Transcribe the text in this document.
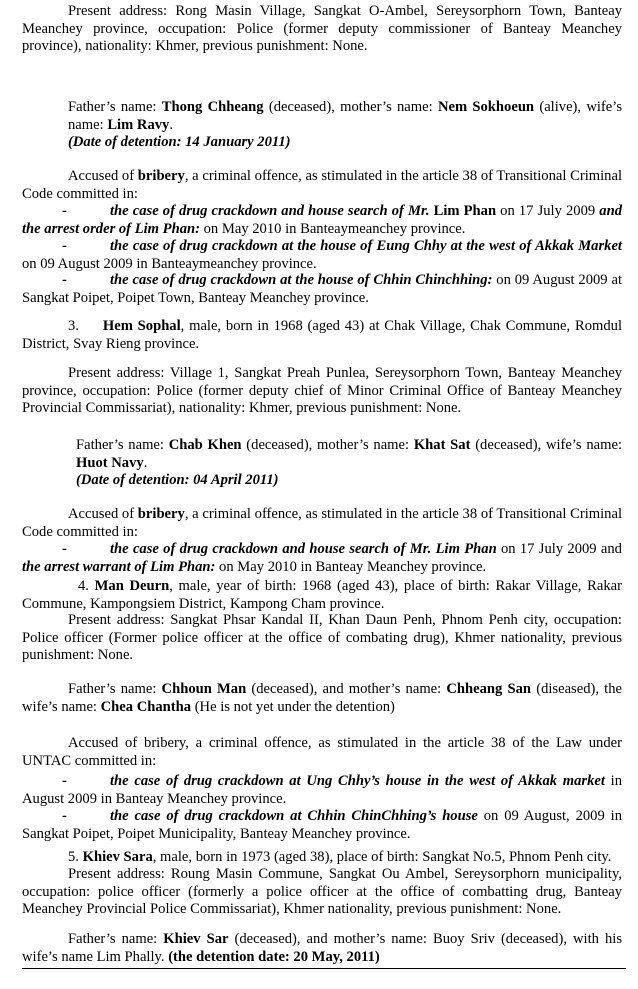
Present address: Rong Masin Village, Sangkat O-Ambel, Sereysorphorn Town, Banteay Meanchey province, occupation: Police (former deputy commissioner of Banteay Meanchey province), nationality: Khmer, previous punishment: None.

Father’s name: Thong Chheang (deceased), mother’s name: Nem Sokhoeun (alive), wife’s name: Lim Ravy.

(Date of detention: 14 January 2011)

Accused of bribery, a criminal offence, as stimulated in the article 38 of Transitional Criminal Code committed in:

-	the case of drug crackdown and house search of Mr. Lim Phan on 17 July 2009 and the arrest order of Lim Phan: on May 2010 in Banteaymeanchey province.

-	the case of drug crackdown at the house of Eung Chhy at the west of Akkak Market on 09 August 2009 in Banteaymeanchey province.

-	the case of drug crackdown at the house of Chhin Chinchhing: on 09 August 2009 at Sangkat Poipet, Poipet Town, Banteay Meanchey province.

3. Hem Sophal, male, born in 1968 (aged 43) at Chak Village, Chak Commune, Romdul District, Svay Rieng province.

Present address: Village 1, Sangkat Preah Punlea, Sereysorphorn Town, Banteay Meanchey province, occupation: Police (former deputy chief of Minor Criminal Office of Banteay Meanchey Provincial Commissariat), nationality: Khmer, previous punishment: None.

Father’s name: Chab Khen (deceased), mother’s name: Khat Sat (deceased), wife’s name: Huot Navy.

(Date of detention: 04 April 2011)

Accused of bribery, a criminal offence, as stimulated in the article 38 of Transitional Criminal Code committed in:

-	the case of drug crackdown and house search of Mr. Lim Phan on 17 July 2009 and the arrest warrant of Lim Phan: on May 2010 in Banteay Meanchey province.

4. Man Deurn, male, year of birth: 1968 (aged 43), place of birth: Rakar Village, Rakar Commune, Kampongsiem District, Kampong Cham province.

Present address: Sangkat Phsar Kandal II, Khan Daun Penh, Phnom Penh city, occupation: Police officer (Former police officer at the office of combating drug), Khmer nationality, previous punishment: None.

Father’s name: Chhoun Man (deceased), and mother’s name: Chheang San (diseased), the wife’s name: Chea Chantha (He is not yet under the detention)

Accused of bribery, a criminal offence, as stimulated in the article 38 of the Law under UNTAC committed in:

-	the case of drug crackdown at Ung Chhy’s house in the west of Akkak market in August 2009 in Banteay Meanchey province.

-	the case of drug crackdown at Chhin ChinChhing’s house on 09 August, 2009 in Sangkat Poipet, Poipet Municipality, Banteay Meanchey province.

5. Khiev Sara, male, born in 1973 (aged 38), place of birth: Sangkat No.5, Phnom Penh city.

Present address: Roung Masin Commune, Sangkat Ou Ambel, Sereysorphorn municipality, occupation: police officer (formerly a police officer at the office of combatting drug, Banteay Meanchey Provincial Police Commissariat), Khmer nationality, previous punishment: None.

Father’s name: Khiev Sar (deceased), and mother’s name: Buoy Sriv (deceased), with his wife’s name Lim Phally. (the detention date: 20 May, 2011)
